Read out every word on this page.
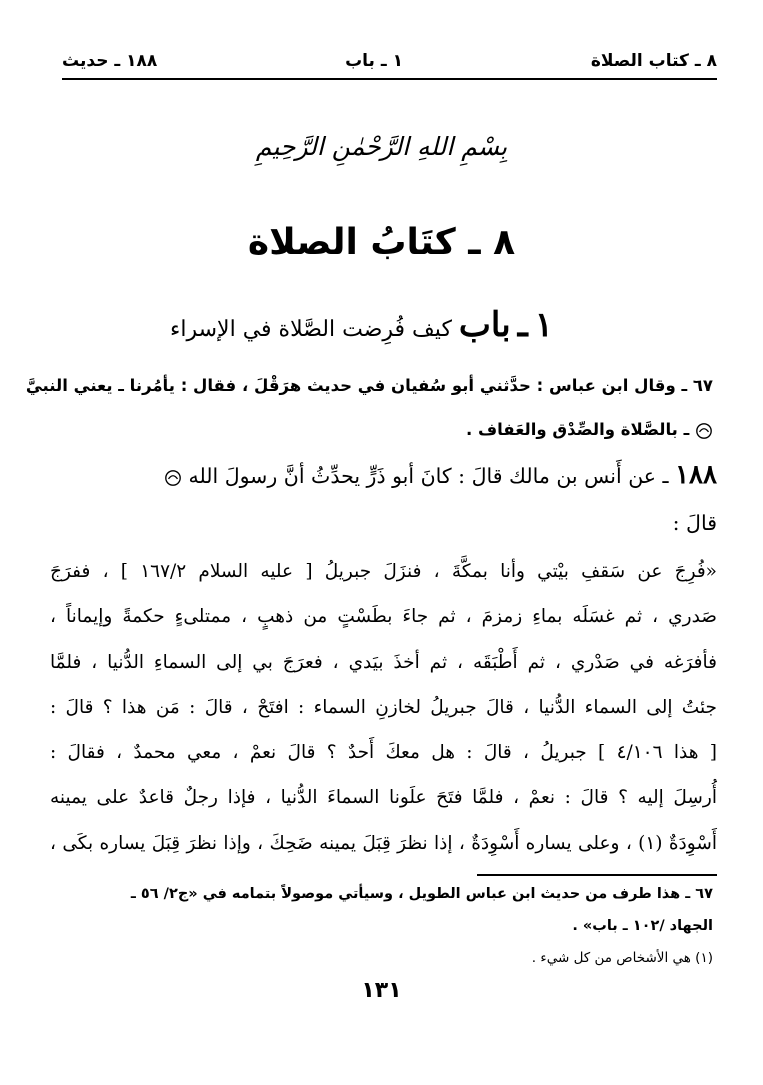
١٨٨ ـ حديث	١ ـ باب	٨ ـ كتاب الصلاة
بِسْمِ اللهِ الرَّحْمٰنِ الرَّحِيمِ
٨ ـ كتَابُ الصلاة
١ ـ باب كيف فُرِضت الصَّلاة في الإسراء

٦٧ ـ وقال ابن عباس : حدَّثني أبو سُفيان في حديث هرَقْلَ ، فقال : يأمُرنا ـ يعني النبيَّ

ـ بالصَّلاة والصِّدْق والعَفاف .

١٨٨ ـ عن أَنس بن مالك قالَ : كانَ أبو ذَرٍّ يحدِّثُ أنَّ رسولَ الله

قالَ :

«فُرِجَ عن سَقفِ بيْتي وأنا بمكَّةَ ، فنزَلَ جبريلُ [ عليه السلام ١٦٧/٢ ] ، ففرَجَ

صَدري ، ثم غسَلَه بماءِ زمزمَ ، ثم جاءَ بطَسْتٍ من ذهبٍ ، ممتلىءٍ حكمةً وإيماناً ،

فأفرَغه في صَدْري ، ثم أَطْبَقَه ، ثم أخذَ بيَدي ، فعرَجَ بي إلى السماءِ الدُّنيا ، فلمَّا

جئتُ إلى السماء الدُّنيا ، قالَ جبريلُ لخازنِ السماء : افتَحْ ، قالَ : مَن هذا ؟ قالَ :

[ هذا ٤/١٠٦ ] جبريلُ ، قالَ : هل معكَ أَحدٌ ؟ قالَ نعمْ ، معي محمدٌ ، فقالَ :

أُرسِلَ إليه ؟ قالَ : نعمْ ، فلمَّا فتَحَ علَونا السماءَ الدُّنيا ، فإذا رجلٌ قاعدٌ على يمينه

أَسْوِدَةٌ (١) ، وعلى يساره أَسْوِدَةٌ ، إذا نظرَ قِبَلَ يمينه ضَحِكَ ، وإذا نظرَ قِبَلَ يساره بكَى ،

٦٧ ـ هذا طرف من حديث ابن عباس الطويل ، وسيأتي موصولاً بتمامه في «ج٢/ ٥٦ ـ

الجهاد /١٠٢ ـ باب» .

(١) هي الأشخاص من كل شيء .

١٣١
